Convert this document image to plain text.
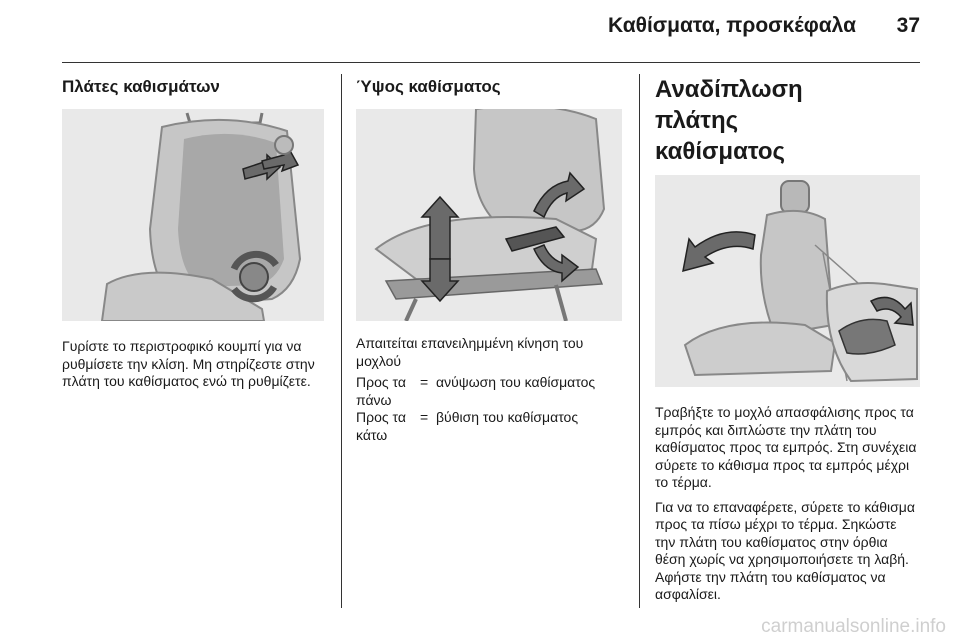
Καθίσματα, προσκέφαλα 37
Πλάτες καθισμάτων

Γυρίστε το περιστροφικό κουμπί για να ρυθμίσετε την κλίση. Μη στηρίζεστε στην πλάτη του καθίσματος ενώ τη ρυθμίζετε.

Ύψος καθίσματος

Απαιτείται επανειλημμένη κίνηση του μοχλού

Προς τα πάνω
= ανύψωση του καθίσματος
Προς τα κάτω
= βύθιση του καθίσματος
Αναδίπλωση πλάτης καθίσματος

Τραβήξτε το μοχλό απασφάλισης προς τα εμπρός και διπλώστε την πλάτη του καθίσματος προς τα εμπρός. Στη συνέχεια σύρετε το κάθισμα προς τα εμπρός μέχρι το τέρμα.

Για να το επαναφέρετε, σύρετε το κάθισμα προς τα πίσω μέχρι το τέρμα. Σηκώστε την πλάτη του καθίσματος στην όρθια θέση χωρίς να χρησιμοποιήσετε τη λαβή. Αφήστε την πλάτη του καθίσματος να ασφαλίσει.

carmanualsonline.info
